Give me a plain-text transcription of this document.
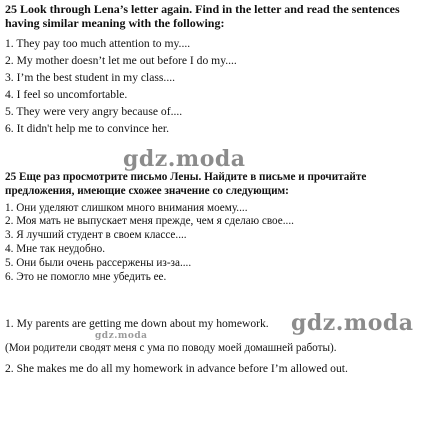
25 Look through Lena’s letter again. Find in the letter and read the sentences
having similar meaning with the following:
1. They pay too much attention to my....
2. My mother doesn’t let me out before I do my....
3. I’m the best student in my class....
4. I feel so uncomfortable.
5. They were very angry because of....
6. It didn't help me to convince her.
gdz.moda
25 Еще раз просмотрите письмо Лены. Найдите в письме и прочитайте
предложения, имеющие схожее значение со следующим:
1. Они уделяют слишком много внимания моему....
2. Моя мать не выпускает меня прежде, чем я сделаю свое....
3. Я лучший студент в своем классе....
4. Мне так неудобно.
5. Они были очень рассержены из-за....
6. Это не помогло мне убедить ее.
1. My parents are getting me down about my homework. gdz.moda
gdz.moda
(Мои родители сводят меня с ума по поводу моей домашней работы).
2. She makes me do all my homework in advance before I’m allowed out.
